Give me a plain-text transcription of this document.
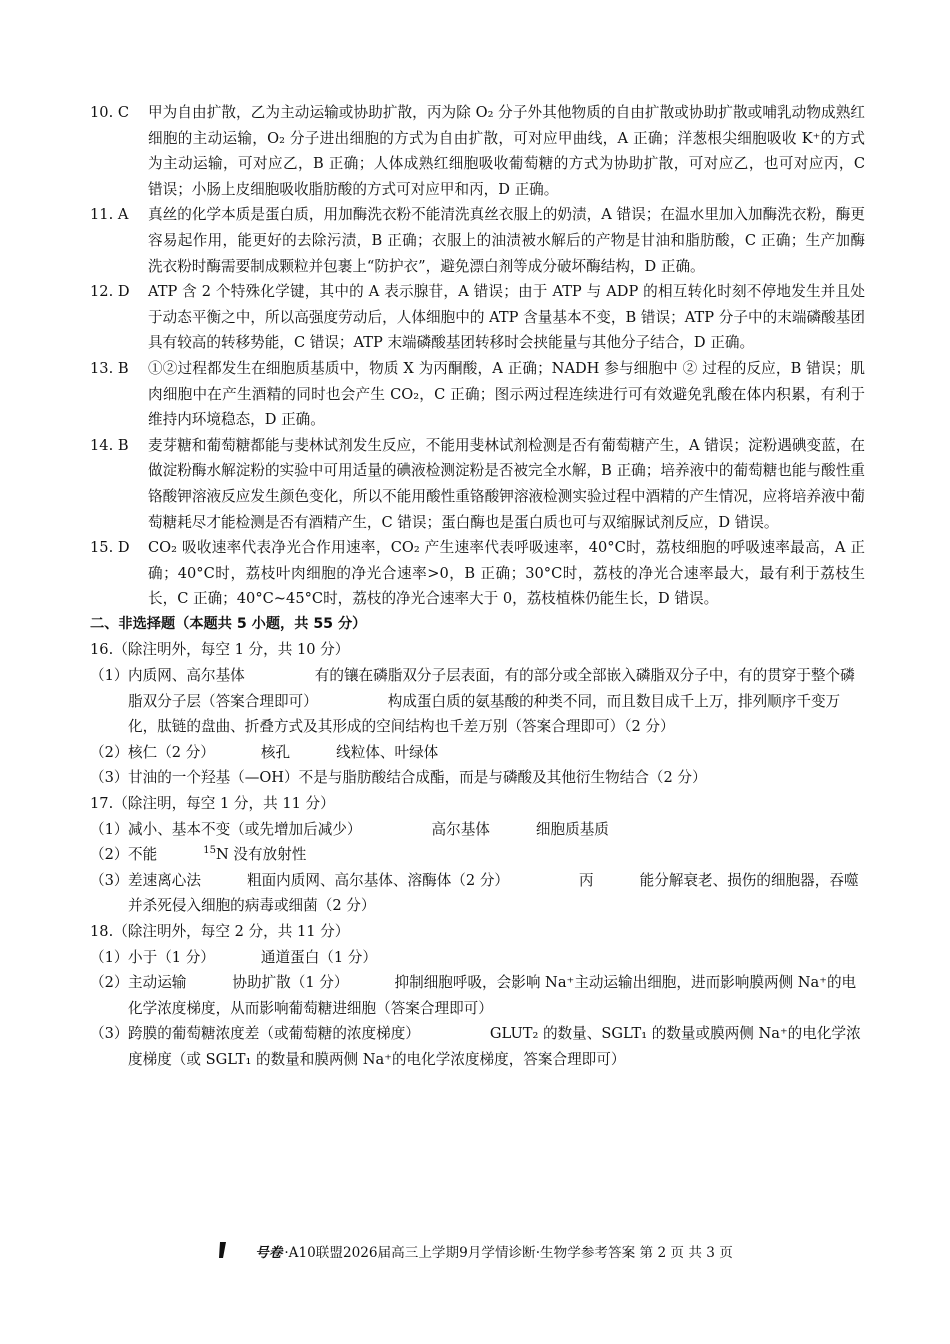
10. C 甲为自由扩散，乙为主动运输或协助扩散，丙为除 O₂ 分子外其他物质的自由扩散或协助扩散或哺乳动物成熟红细胞的主动运输，O₂ 分子进出细胞的方式为自由扩散，可对应甲曲线，A 正确；洋葱根尖细胞吸收 K⁺的方式为主动运输，可对应乙，B 正确；人体成熟红细胞吸收葡萄糖的方式为协助扩散，可对应乙，也可对应丙，C 错误；小肠上皮细胞吸收脂肪酸的方式可对应甲和丙，D 正确。
11. A 真丝的化学本质是蛋白质，用加酶洗衣粉不能清洗真丝衣服上的奶渍，A 错误；在温水里加入加酶洗衣粉，酶更容易起作用，能更好的去除污渍，B 正确；衣服上的油渍被水解后的产物是甘油和脂肪酸，C 正确；生产加酶洗衣粉时酶需要制成颗粒并包裹上“防护衣”，避免漂白剂等成分破坏酶结构，D 正确。
12. D ATP 含 2 个特殊化学键，其中的 A 表示腺苷，A 错误；由于 ATP 与 ADP 的相互转化时刻不停地发生并且处于动态平衡之中，所以高强度劳动后，人体细胞中的 ATP 含量基本不变，B 错误；ATP 分子中的末端磷酸基团具有较高的转移势能，C 错误；ATP 末端磷酸基团转移时会挟能量与其他分子结合，D 正确。
13. B ①②过程都发生在细胞质基质中，物质 X 为丙酮酸，A 正确；NADH 参与细胞中 ② 过程的反应，B 错误；肌肉细胞中在产生酒精的同时也会产生 CO₂，C 正确；图示两过程连续进行可有效避免乳酸在体内积累，有利于维持内环境稳态，D 正确。
14. B 麦芽糖和葡萄糖都能与斐林试剂发生反应，不能用斐林试剂检测是否有葡萄糖产生，A 错误；淀粉遇碘变蓝，在做淀粉酶水解淀粉的实验中可用适量的碘液检测淀粉是否被完全水解，B 正确；培养液中的葡萄糖也能与酸性重铬酸钾溶液反应发生颜色变化，所以不能用酸性重铬酸钾溶液检测实验过程中酒精的产生情况，应将培养液中葡萄糖耗尽才能检测是否有酒精产生，C 错误；蛋白酶也是蛋白质也可与双缩脲试剂反应，D 错误。
15. D CO₂ 吸收速率代表净光合作用速率，CO₂ 产生速率代表呼吸速率，40°C时，荔枝细胞的呼吸速率最高，A 正确；40°C时，荔枝叶肉细胞的净光合速率>0，B 正确；30°C时，荔枝的净光合速率最大，最有利于荔枝生长，C 正确；40°C~45°C时，荔枝的净光合速率大于 0，荔枝植株仍能生长，D 错误。
二、非选择题（本题共 5 小题，共 55 分）
16.（除注明外，每空 1 分，共 10 分）
（1） 内质网、高尔基体	有的镶在磷脂双分子层表面，有的部分或全部嵌入磷脂双分子中，有的贯穿于整个磷脂双分子层（答案合理即可）	构成蛋白质的氨基酸的种类不同，而且数目成千上万，排列顺序千变万化，肽链的盘曲、折叠方式及其形成的空间结构也千差万别（答案合理即可）（2 分）
（2） 核仁（2 分）	核孔	线粒体、叶绿体
（3） 甘油的一个羟基（—OH）不是与脂肪酸结合成酯，而是与磷酸及其他衍生物结合（2 分）
17.（除注明，每空 1 分，共 11 分）
（1） 减小、基本不变（或先增加后减少）	高尔基体	细胞质基质
（2） 不能	$^{15}$N 没有放射性
（3） 差速离心法	粗面内质网、高尔基体、溶酶体（2 分）	丙	能分解衰老、损伤的细胞器，吞噬并杀死侵入细胞的病毒或细菌（2 分）
18.（除注明外，每空 2 分，共 11 分）
（1） 小于（1 分）	通道蛋白（1 分）
（2） 主动运输	协助扩散（1 分）	抑制细胞呼吸，会影响 Na⁺主动运输出细胞，进而影响膜两侧 Na⁺的电化学浓度梯度，从而影响葡萄糖进细胞（答案合理即可）
（3） 跨膜的葡萄糖浓度差（或葡萄糖的浓度梯度）	GLUT₂ 的数量、SGLT₁ 的数量或膜两侧 Na⁺的电化学浓度梯度（或 SGLT₁ 的数量和膜两侧 Na⁺的电化学浓度梯度，答案合理即可）
号卷 ·A10联盟2026届高三上学期9月学情诊断·生物学参考答案 第 2 页 共 3 页
